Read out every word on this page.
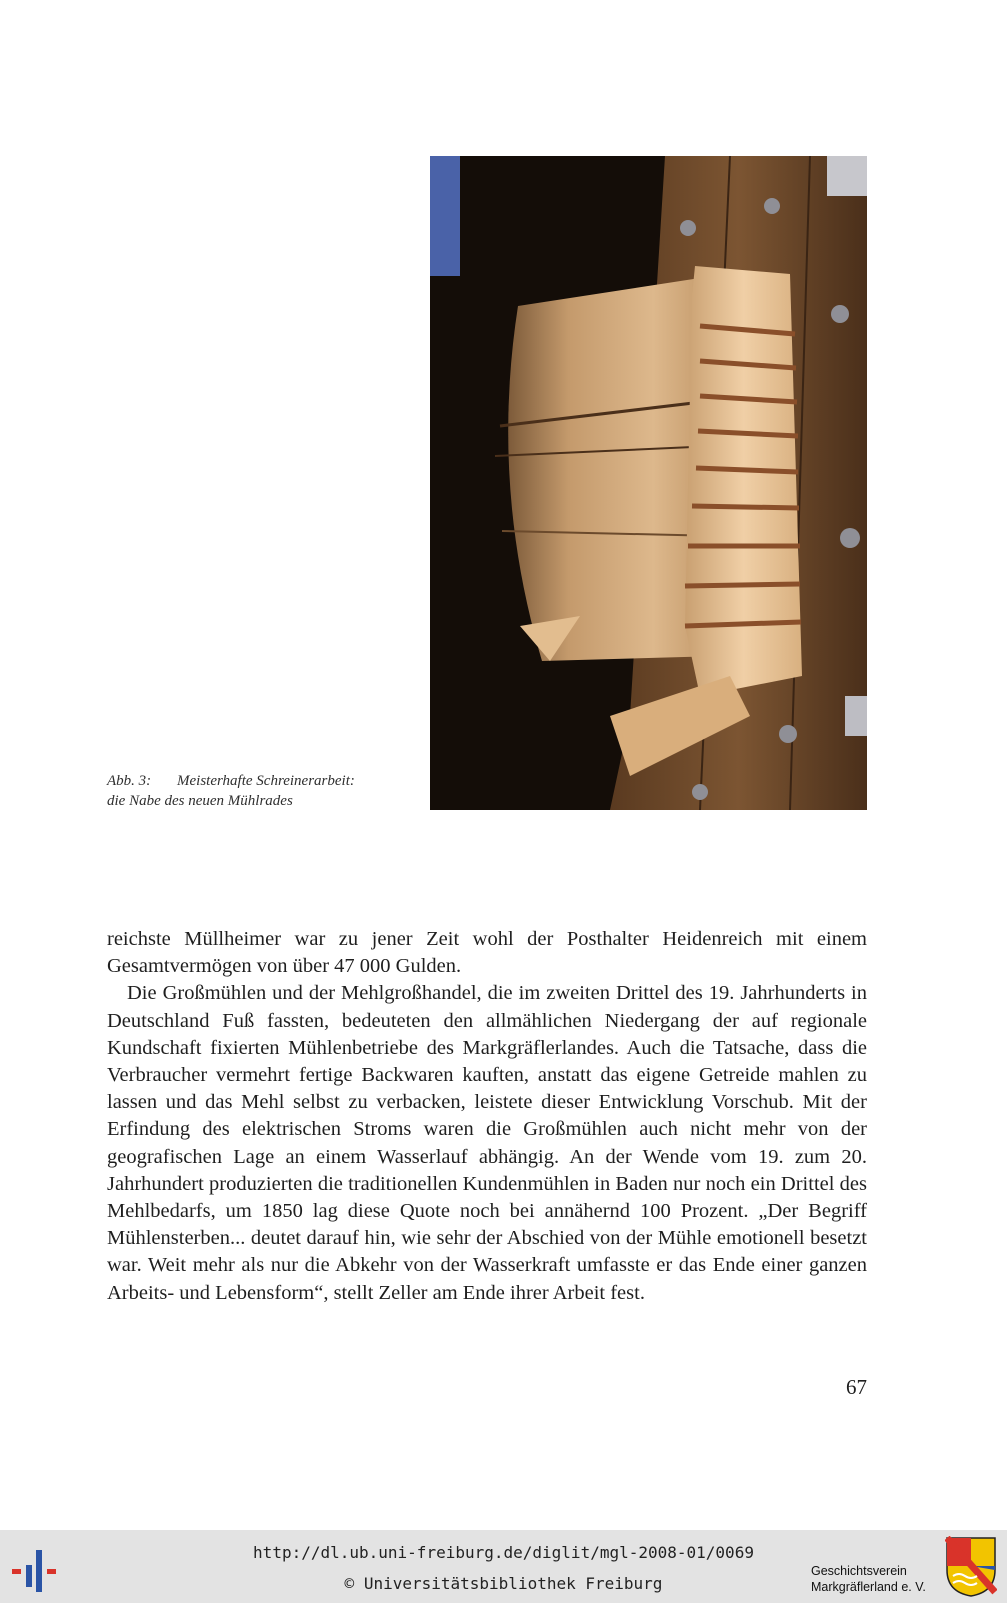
Abb. 3: Meisterhafte Schreinerarbeit:
die Nabe des neuen Mühlrades

reichste Müllheimer war zu jener Zeit wohl der Posthalter Heidenreich mit einem Gesamtvermögen von über 47 000 Gulden.

Die Großmühlen und der Mehlgroßhandel, die im zweiten Drittel des 19. Jahrhunderts in Deutschland Fuß fassten, bedeuteten den allmählichen Niedergang der auf regionale Kundschaft fixierten Mühlenbetriebe des Markgräflerlandes. Auch die Tatsache, dass die Verbraucher vermehrt fertige Backwaren kauften, anstatt das eigene Getreide mahlen zu lassen und das Mehl selbst zu verbacken, leistete dieser Entwicklung Vorschub. Mit der Erfindung des elektrischen Stroms waren die Großmühlen auch nicht mehr von der geografischen Lage an einem Wasserlauf abhängig. An der Wende vom 19. zum 20. Jahrhundert produzierten die traditionellen Kundenmühlen in Baden nur noch ein Drittel des Mehlbedarfs, um 1850 lag diese Quote noch bei annähernd 100 Prozent. „Der Begriff Mühlensterben... deutet darauf hin, wie sehr der Abschied von der Mühle emotionell besetzt war. Weit mehr als nur die Abkehr von der Wasserkraft umfasste er das Ende einer ganzen Arbeits- und Lebensform“, stellt Zeller am Ende ihrer Arbeit fest.

67
http://dl.ub.uni-freiburg.de/diglit/mgl-2008-01/0069
© Universitätsbibliothek Freiburg
Geschichtsverein
Markgräflerland e. V.
